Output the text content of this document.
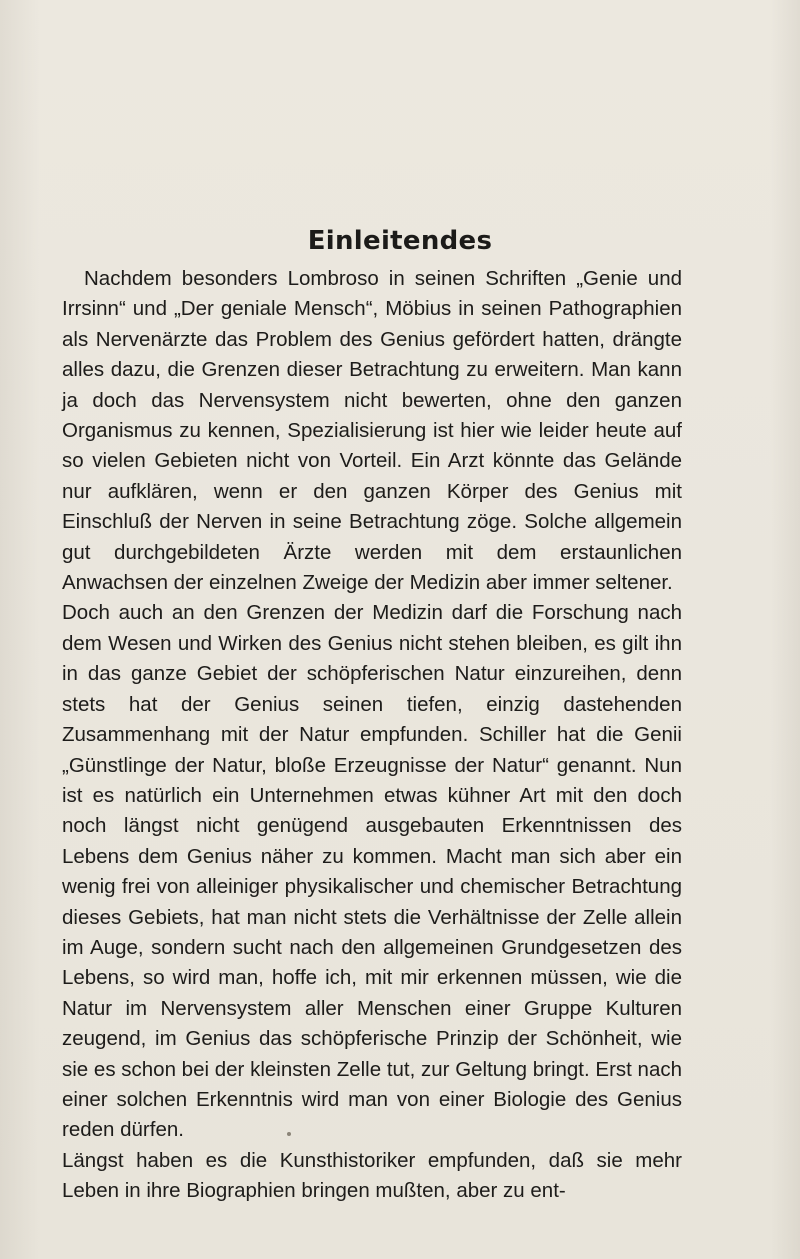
Einleitendes

Nachdem besonders Lombroso in seinen Schriften „Genie und Irrsinn“ und „Der geniale Mensch“, Möbius in seinen Pathographien als Nervenärzte das Problem des Genius gefördert hatten, drängte alles dazu, die Grenzen dieser Betrachtung zu erweitern. Man kann ja doch das Nervensystem nicht bewerten, ohne den ganzen Organismus zu kennen, Spezialisierung ist hier wie leider heute auf so vielen Gebieten nicht von Vorteil. Ein Arzt könnte das Gelände nur aufklären, wenn er den ganzen Körper des Genius mit Einschluß der Nerven in seine Betrachtung zöge. Solche allgemein gut durchgebildeten Ärzte werden mit dem erstaunlichen Anwachsen der einzelnen Zweige der Medizin aber immer seltener.

Doch auch an den Grenzen der Medizin darf die Forschung nach dem Wesen und Wirken des Genius nicht stehen bleiben, es gilt ihn in das ganze Gebiet der schöpferischen Natur einzureihen, denn stets hat der Genius seinen tiefen, einzig dastehenden Zusammenhang mit der Natur empfunden. Schiller hat die Genii „Günstlinge der Natur, bloße Erzeugnisse der Natur“ genannt. Nun ist es natürlich ein Unternehmen etwas kühner Art mit den doch noch längst nicht genügend ausgebauten Erkenntnissen des Lebens dem Genius näher zu kommen. Macht man sich aber ein wenig frei von alleiniger physikalischer und chemischer Betrachtung dieses Gebiets, hat man nicht stets die Verhältnisse der Zelle allein im Auge, sondern sucht nach den allgemeinen Grundgesetzen des Lebens, so wird man, hoffe ich, mit mir erkennen müssen, wie die Natur im Nervensystem aller Menschen einer Gruppe Kulturen zeugend, im Genius das schöpferische Prinzip der Schönheit, wie sie es schon bei der kleinsten Zelle tut, zur Geltung bringt. Erst nach einer solchen Erkenntnis wird man von einer Biologie des Genius reden dürfen.

Längst haben es die Kunsthistoriker empfunden, daß sie mehr Leben in ihre Biographien bringen mußten, aber zu ent-
